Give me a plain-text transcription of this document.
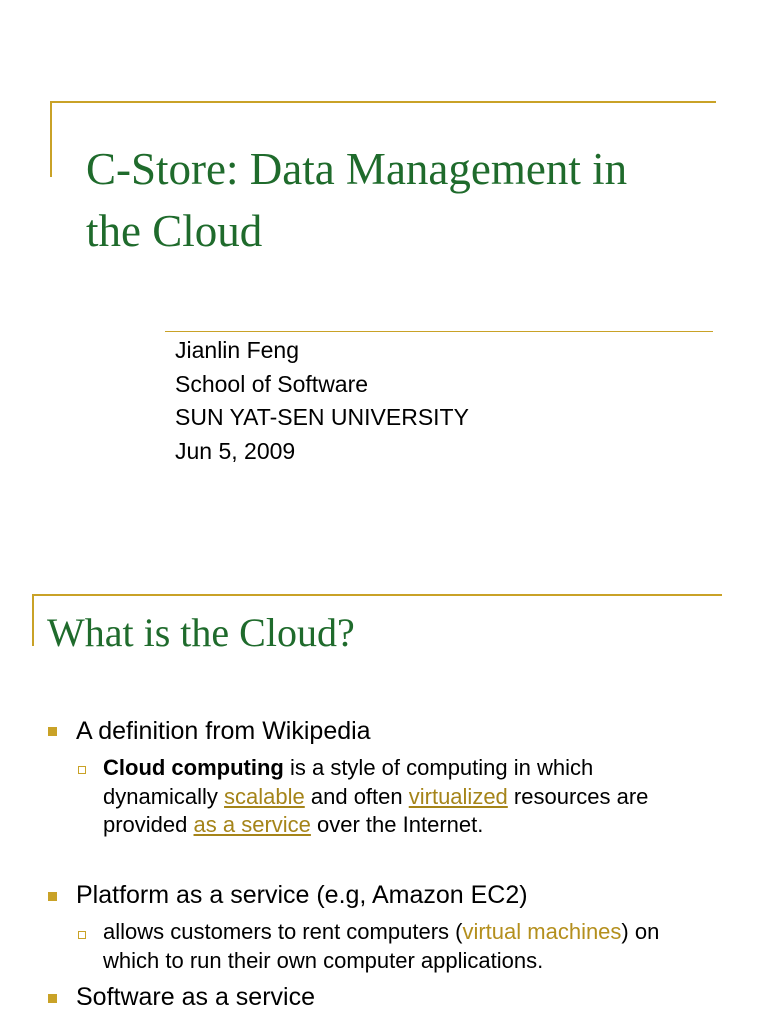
C-Store: Data Management in
the Cloud
Jianlin Feng
School of Software
SUN YAT-SEN UNIVERSITY
Jun 5, 2009
What is the Cloud?
A definition from Wikipedia
Cloud computing is a style of computing in which
dynamically scalable and often virtualized resources are
provided as a service over the Internet.
Platform as a service (e.g, Amazon EC2)
allows customers to rent computers (virtual machines) on
which to run their own computer applications.
Software as a service
